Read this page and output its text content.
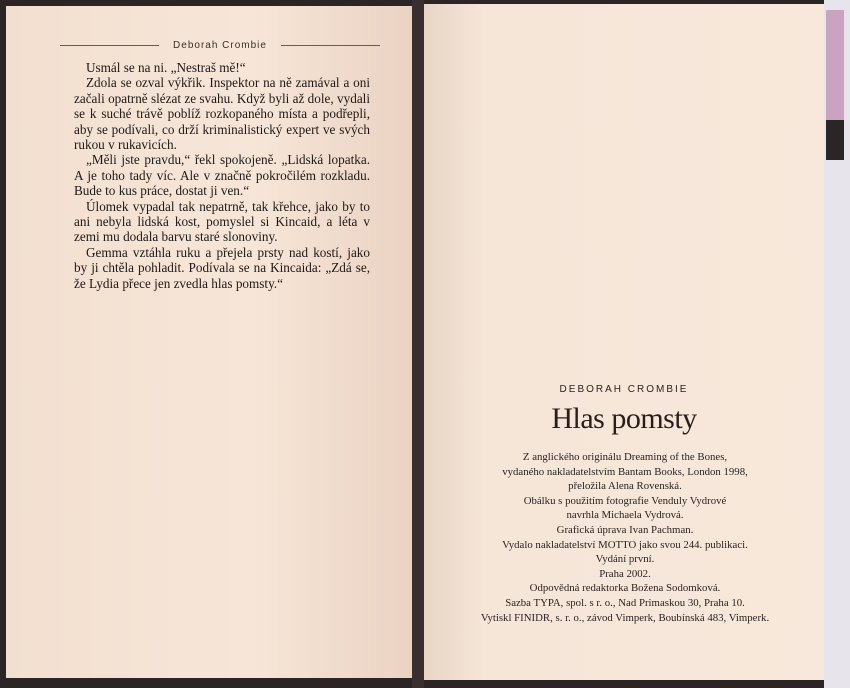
Deborah Crombie

Usmál se na ni. „Nestraš mě!“

Zdola se ozval výkřik. Inspektor na ně zamával a oni začali opatrně slézat ze svahu. Když byli až dole, vydali se k suché trávě poblíž rozkopaného místa a podřepli, aby se podívali, co drží kriminalistický expert ve svých rukou v rukavicích.

„Měli jste pravdu,“ řekl spokojeně. „Lidská lopatka. A je toho tady víc. Ale v značně pokročilém rozkladu. Bude to kus práce, dostat ji ven.“

Úlomek vypadal tak nepatrně, tak křehce, jako by to ani nebyla lidská kost, pomyslel si Kincaid, a léta v zemi mu dodala barvu staré slonoviny.

Gemma vztáhla ruku a přejela prsty nad kostí, jako by ji chtěla pohladit. Podívala se na Kincaida: „Zdá se, že Lydia přece jen zvedla hlas pomsty.“

DEBORAH CROMBIE
Hlas pomsty
Z anglického originálu Dreaming of the Bones,
vydaného nakladatelstvím Bantam Books, London 1998,
přeložila Alena Rovenská.
Obálku s použitím fotografie Venduly Vydrové
navrhla Michaela Vydrová.
Grafická úprava Ivan Pachman.
Vydalo nakladatelství MOTTO jako svou 244. publikaci.
Vydání první.
Praha 2002.
Odpovědná redaktorka Božena Sodomková.
Sazba TYPA, spol. s r. o., Nad Primaskou 30, Praha 10.
Vytiskl FINIDR, s. r. o., závod Vimperk, Boubínská 483, Vimperk.
